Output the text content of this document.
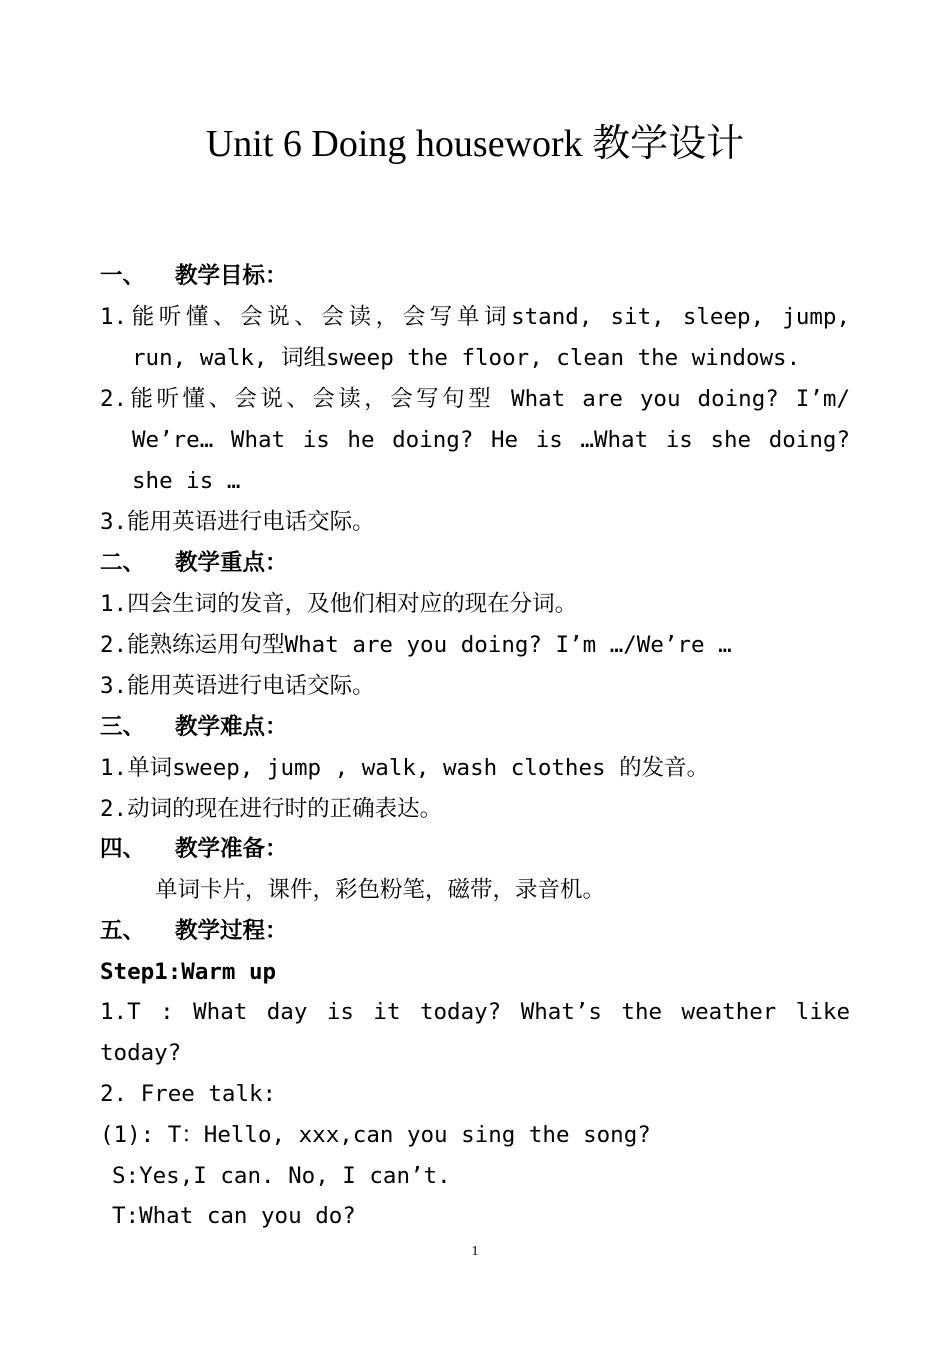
Unit 6 Doing housework 教学设计
一、 教学目标：
1.能听懂、会说、会读，会写单词stand, sit, sleep, jump,
run, walk, 词组sweep the floor, clean the windows.
2.能听懂、会说、会读，会写句型 What are you doing? I’m/
We’re… What is he doing? He is …What is she doing?
she is …
3.能用英语进行电话交际。
二、 教学重点：
1.四会生词的发音，及他们相对应的现在分词。
2.能熟练运用句型What are you doing? I’m …/We’re …
3.能用英语进行电话交际。
三、 教学难点：
1.单词sweep, jump , walk, wash clothes 的发音。
2.动词的现在进行时的正确表达。
四、 教学准备：
单词卡片，课件，彩色粉笔，磁带，录音机。
五、 教学过程：
Step1:Warm up
1.T : What day is it today? What’s the weather like
today?
2. Free talk:
(1): T：Hello, xxx,can you sing the song?
S:Yes,I can. No, I can’t.
T:What can you do?
1
